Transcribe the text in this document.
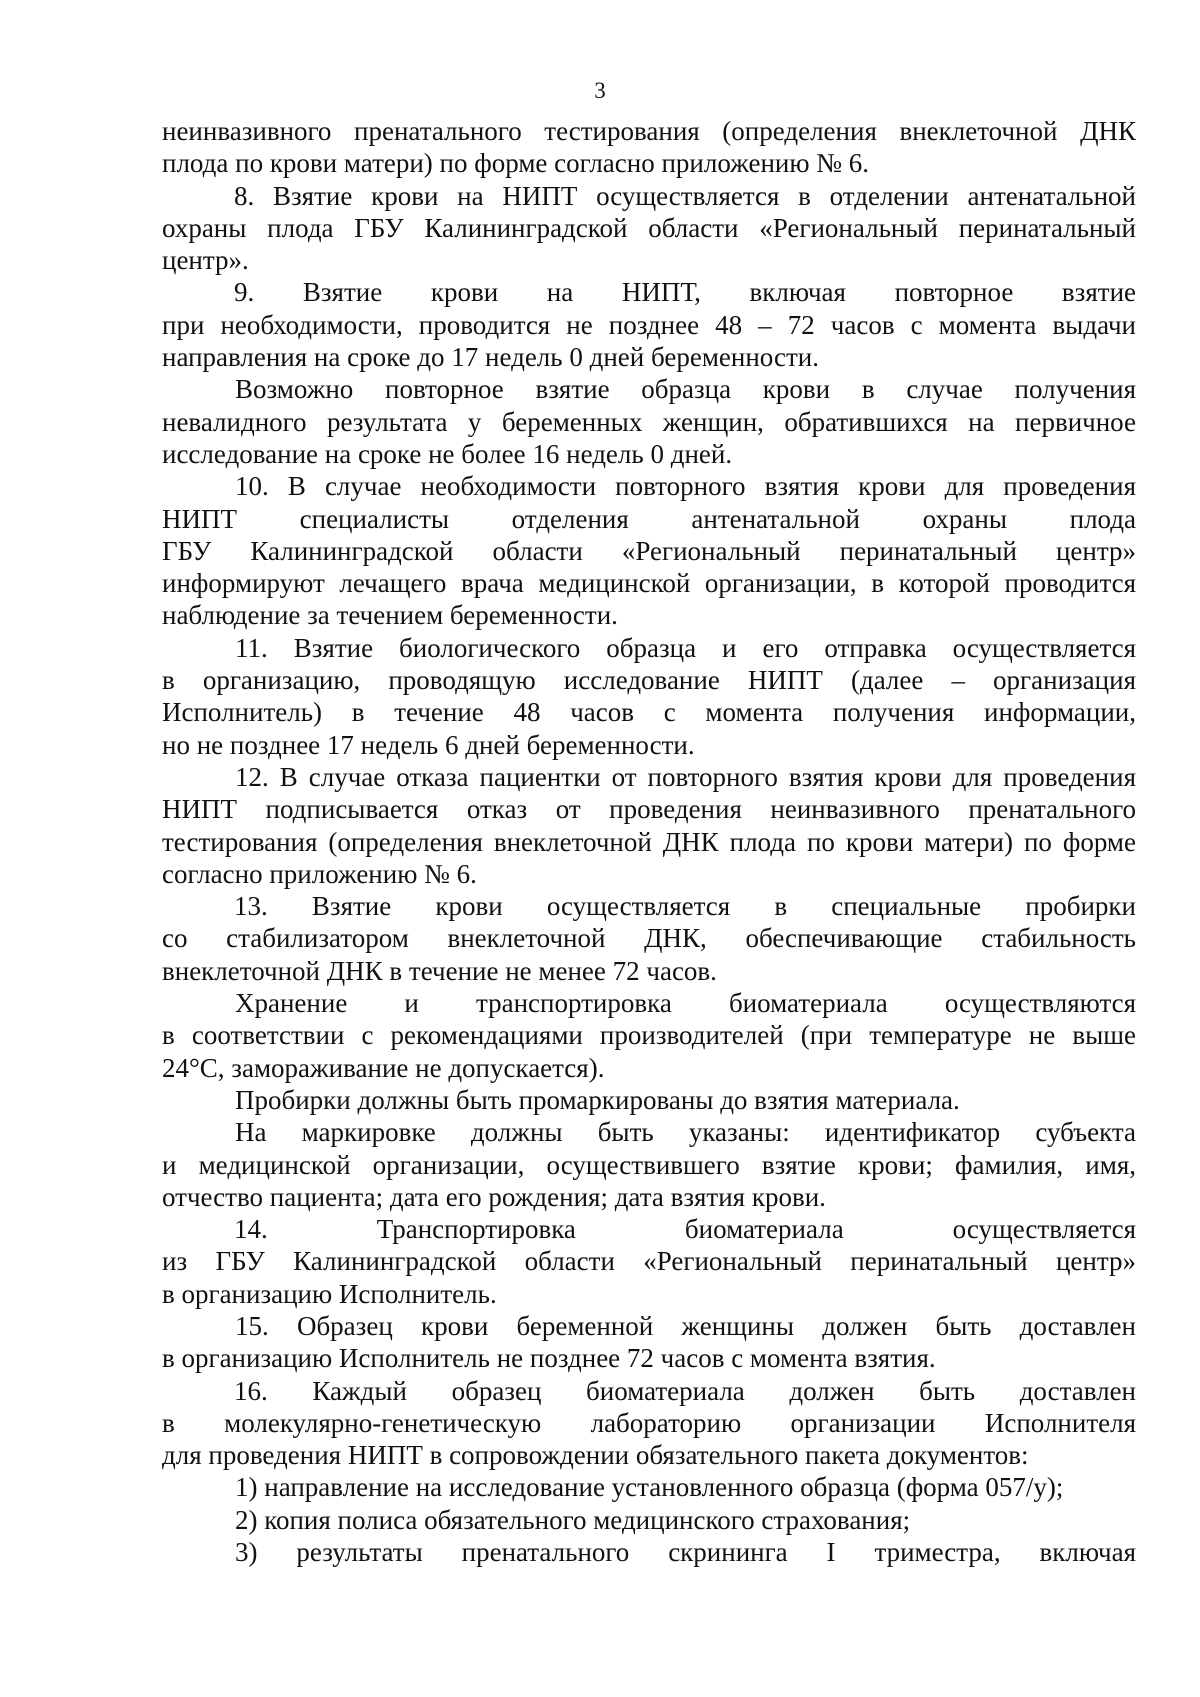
3
неинвазивного пренатального тестирования (определения внеклеточной ДНК
плода по крови матери) по форме согласно приложению № 6.
8. Взятие крови на НИПТ осуществляется в отделении антенатальной
охраны плода ГБУ Калининградской области «Региональный перинатальный
центр».
9. Взятие крови на НИПТ, включая повторное взятие
при необходимости, проводится не позднее 48 – 72 часов с момента выдачи
направления на сроке до 17 недель 0 дней беременности.
Возможно повторное взятие образца крови в случае получения
невалидного результата у беременных женщин, обратившихся на первичное
исследование на сроке не более 16 недель 0 дней.
10. В случае необходимости повторного взятия крови для проведения
НИПТ специалисты отделения антенатальной охраны плода
ГБУ Калининградской области «Региональный перинатальный центр»
информируют лечащего врача медицинской организации, в которой проводится
наблюдение за течением беременности.
11. Взятие биологического образца и его отправка осуществляется
в организацию, проводящую исследование НИПТ (далее – организация
Исполнитель) в течение 48 часов с момента получения информации,
но не позднее 17 недель 6 дней беременности.
12. В случае отказа пациентки от повторного взятия крови для проведения
НИПТ подписывается отказ от проведения неинвазивного пренатального
тестирования (определения внеклеточной ДНК плода по крови матери) по форме
согласно приложению № 6.
13. Взятие крови осуществляется в специальные пробирки
со стабилизатором внеклеточной ДНК, обеспечивающие стабильность
внеклеточной ДНК в течение не менее 72 часов.
Хранение и транспортировка биоматериала осуществляются
в соответствии с рекомендациями производителей (при температуре не выше
24°С, замораживание не допускается).
Пробирки должны быть промаркированы до взятия материала.
На маркировке должны быть указаны: идентификатор субъекта
и медицинской организации, осуществившего взятие крови; фамилия, имя,
отчество пациента; дата его рождения; дата взятия крови.
14. Транспортировка биоматериала осуществляется
из ГБУ Калининградской области «Региональный перинатальный центр»
в организацию Исполнитель.
15. Образец крови беременной женщины должен быть доставлен
в организацию Исполнитель не позднее 72 часов с момента взятия.
16. Каждый образец биоматериала должен быть доставлен
в молекулярно-генетическую лабораторию организации Исполнителя
для проведения НИПТ в сопровождении обязательного пакета документов:
1) направление на исследование установленного образца (форма 057/у);
2) копия полиса обязательного медицинского страхования;
3) результаты пренатального скрининга I триместра, включая
